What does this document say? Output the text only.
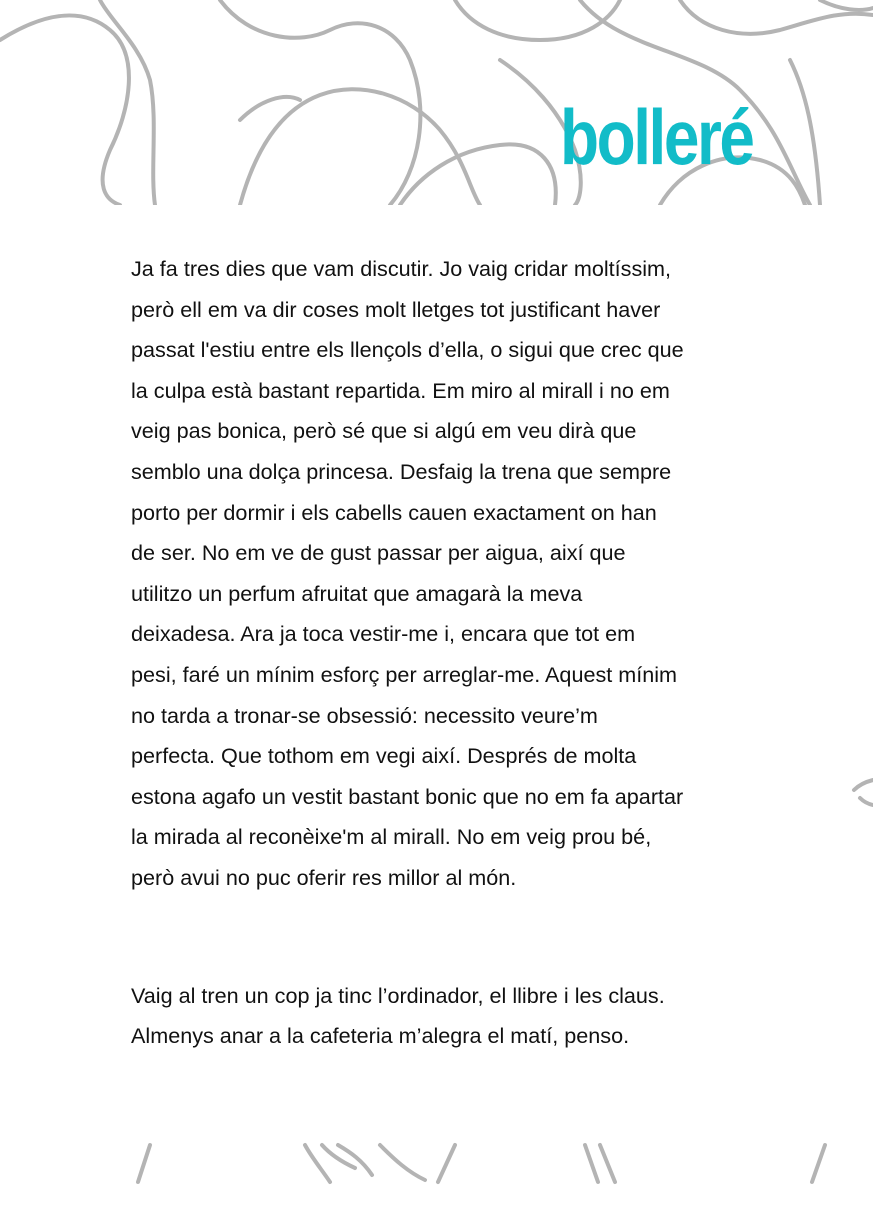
bolleré

Ja fa tres dies que vam discutir. Jo vaig cridar moltíssim,
però ell em va dir coses molt lletges tot justificant haver
passat l'estiu entre els llençols d’ella, o sigui que crec que
la culpa està bastant repartida. Em miro al mirall i no em
veig pas bonica, però sé que si algú em veu dirà que
semblo una dolça princesa. Desfaig la trena que sempre
porto per dormir i els cabells cauen exactament on han
de ser. No em ve de gust passar per aigua, així que
utilitzo un perfum afruitat que amagarà la meva
deixadesa. Ara ja toca vestir-me i, encara que tot em
pesi, faré un mínim esforç per arreglar-me. Aquest mínim
no tarda a tronar-se obsessió: necessito veure’m
perfecta. Que tothom em vegi així. Després de molta
estona agafo un vestit bastant bonic que no em fa apartar
la mirada al reconèixe'm al mirall. No em veig prou bé,
però avui no puc oferir res millor al món.

Vaig al tren un cop ja tinc l’ordinador, el llibre i les claus.
Almenys anar a la cafeteria m’alegra el matí, penso.
